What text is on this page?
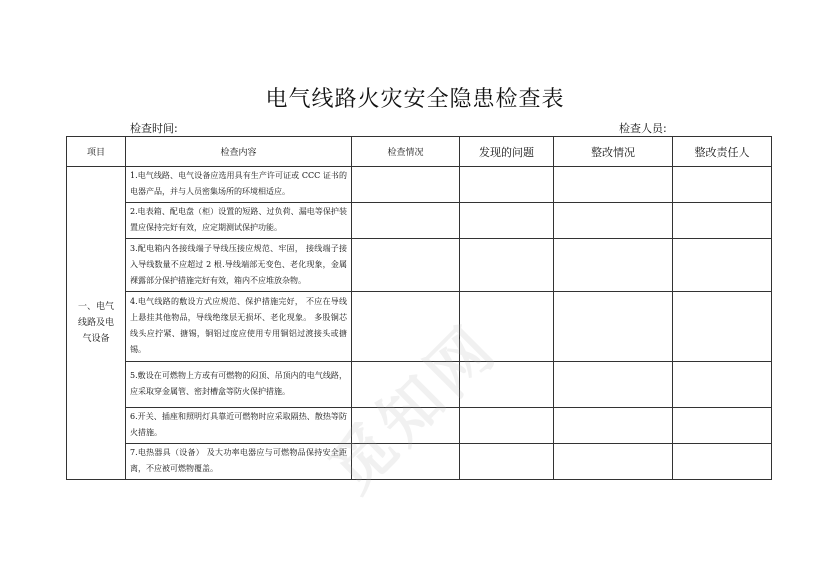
电气线路火灾安全隐患检查表
检查时间:	检查人员:
项目	检查内容	检查情况	发现的问题	整改情况	整改责任人

一、电气线路及电气设备	1.电气线路、电气设备应选用具有生产许可证或 CCC 证书的电器产品，并与人员密集场所的环境相适应。				
	2.电表箱、配电盘（柜）设置的短路、过负荷、漏电等保护装置应保持完好有效，应定期测试保护功能。				
	3.配电箱内各接线端子导线压接应规范、牢固， 接线端子接入导线数量不应超过 2 根.导线端部无变色、老化现象，金属裸露部分保护措施完好有效，箱内不应堆放杂物。				
	4.电气线路的敷设方式应规范、保护措施完好， 不应在导线上悬挂其他物品，导线绝缘层无损坏、老化现象。 多股铜芯线头应拧紧、搪锡，铜铝过度应使用专用铜铝过渡接头或搪锡。				
	5.敷设在可燃物上方或有可燃物的闷顶、吊顶内的电气线路，应采取穿金属管、密封槽盒等防火保护措施。				
	6.开关、插座和照明灯具靠近可燃物时应采取隔热、散热等防火措施。				
	7.电热器具（设备） 及大功率电器应与可燃物品保持安全距离，不应被可燃物覆盖。					觅知网
